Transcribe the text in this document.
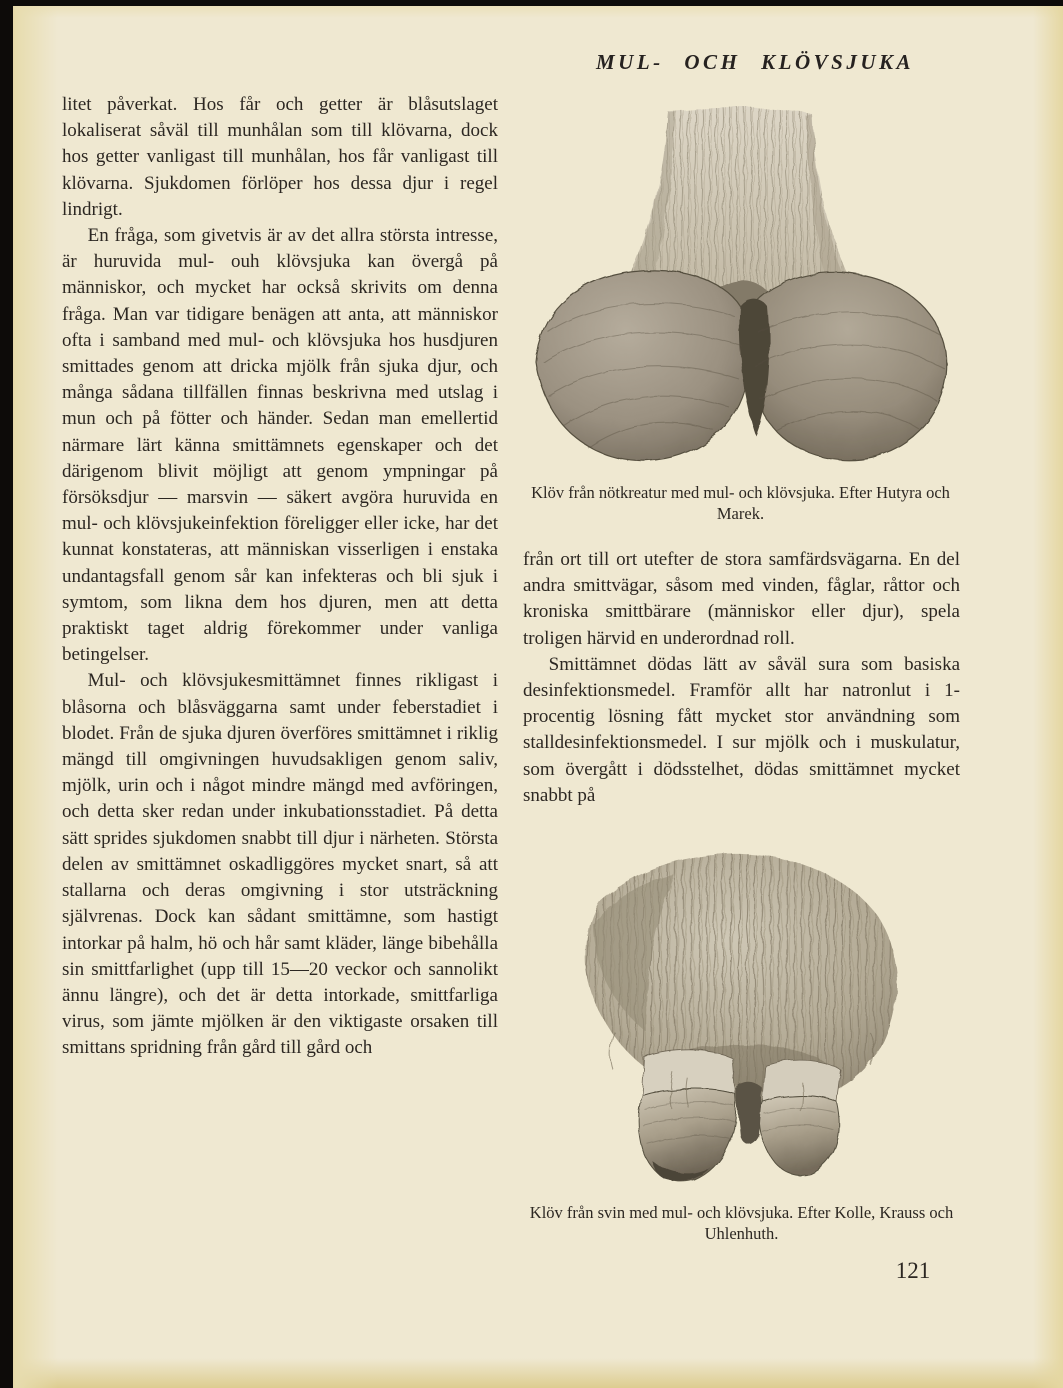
MUL- OCH KLÖVSJUKA

litet påverkat. Hos får och getter är blåsutslaget lokaliserat såväl till munhålan som till klövarna, dock hos getter vanligast till munhålan, hos får vanligast till klövarna. Sjukdomen förlöper hos dessa djur i regel lindrigt.

En fråga, som givetvis är av det allra största intresse, är huruvida mul- ouh klövsjuka kan övergå på människor, och mycket har också skrivits om denna fråga. Man var tidigare benägen att anta, att människor ofta i samband med mul- och klövsjuka hos husdjuren smittades genom att dricka mjölk från sjuka djur, och många sådana tillfällen finnas beskrivna med utslag i mun och på fötter och händer. Sedan man emellertid närmare lärt känna smittämnets egenskaper och det därigenom blivit möjligt att genom ympningar på försöksdjur — marsvin — säkert avgöra huruvida en mul- och klövsjukeinfektion föreligger eller icke, har det kunnat konstateras, att människan visserligen i enstaka undantagsfall genom sår kan infekteras och bli sjuk i symtom, som likna dem hos djuren, men att detta praktiskt taget aldrig förekommer under vanliga betingelser.

Mul- och klövsjukesmittämnet finnes rikligast i blåsorna och blåsväggarna samt under feberstadiet i blodet. Från de sjuka djuren överföres smittämnet i riklig mängd till omgivningen huvudsakligen genom saliv, mjölk, urin och i något mindre mängd med avföringen, och detta sker redan under inkubationsstadiet. På detta sätt sprides sjukdomen snabbt till djur i närheten. Största delen av smittämnet oskadliggöres mycket snart, så att stallarna och deras omgivning i stor utsträckning självrenas. Dock kan sådant smittämne, som hastigt intorkar på halm, hö och hår samt kläder, länge bibehålla sin smittfarlighet (upp till 15—20 veckor och sannolikt ännu längre), och det är detta intorkade, smittfarliga virus, som jämte mjölken är den viktigaste orsaken till smittans spridning från gård till gård och

Klöv från nötkreatur med mul- och klövsjuka. Efter Hutyra och Marek.

från ort till ort utefter de stora samfärdsvägarna. En del andra smittvägar, såsom med vinden, fåglar, råttor och kroniska smittbärare (människor eller djur), spela troligen härvid en underordnad roll.

Smittämnet dödas lätt av såväl sura som basiska desinfektionsmedel. Framför allt har natronlut i 1-procentig lösning fått mycket stor användning som stalldesinfektionsmedel. I sur mjölk och i muskulatur, som övergått i dödsstelhet, dödas smittämnet mycket snabbt på

Klöv från svin med mul- och klövsjuka. Efter Kolle, Krauss och Uhlenhuth.
121
